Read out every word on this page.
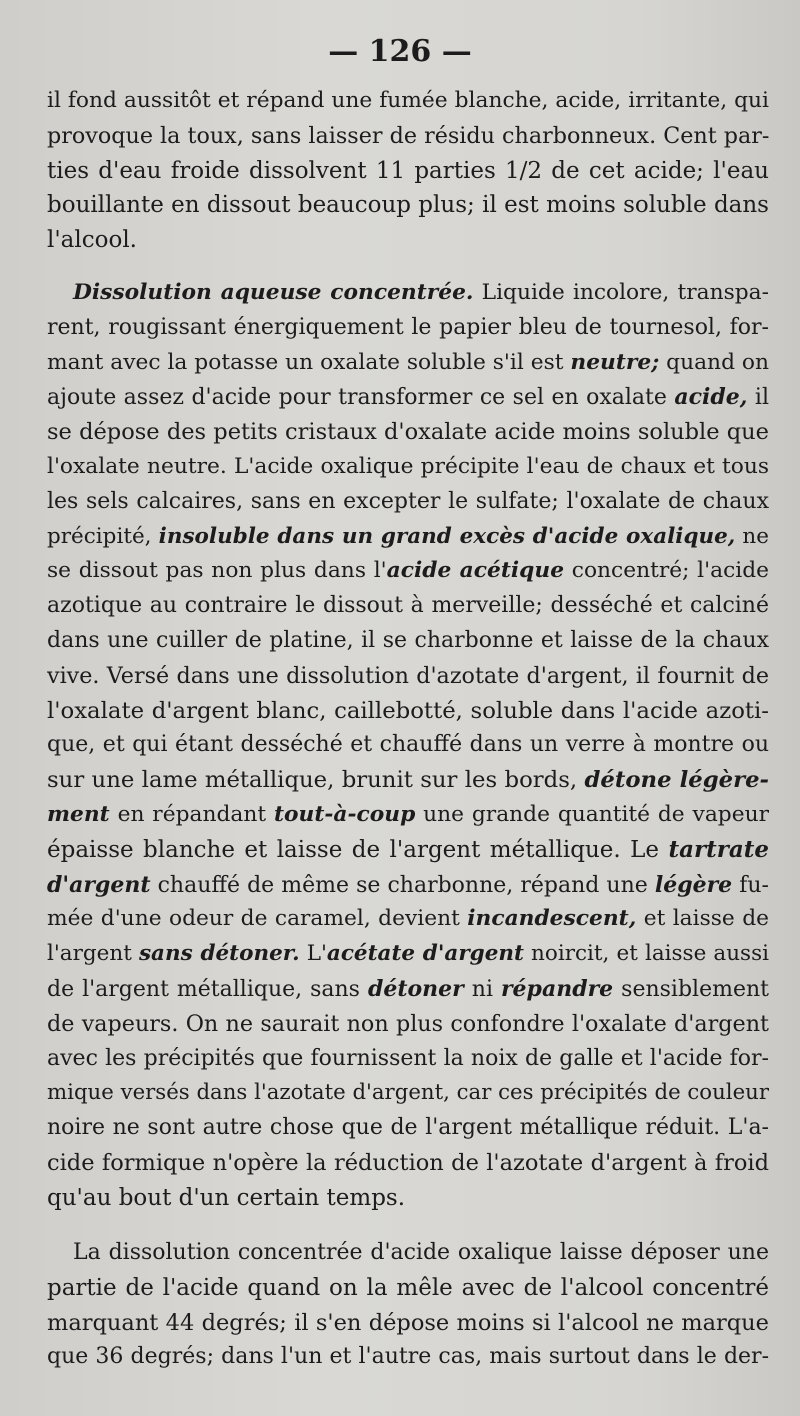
— 126 —
il fond aussitôt et répand une fumée blanche, acide, irritante, qui
provoque la toux, sans laisser de résidu charbonneux. Cent par-
ties d'eau froide dissolvent 11 parties 1/2 de cet acide; l'eau
bouillante en dissout beaucoup plus; il est moins soluble dans
l'alcool.
Dissolution aqueuse concentrée. Liquide incolore, transpa-
rent, rougissant énergiquement le papier bleu de tournesol, for-
mant avec la potasse un oxalate soluble s'il est neutre; quand on
ajoute assez d'acide pour transformer ce sel en oxalate acide, il
se dépose des petits cristaux d'oxalate acide moins soluble que
l'oxalate neutre. L'acide oxalique précipite l'eau de chaux et tous
les sels calcaires, sans en excepter le sulfate; l'oxalate de chaux
précipité, insoluble dans un grand excès d'acide oxalique, ne
se dissout pas non plus dans l'acide acétique concentré; l'acide
azotique au contraire le dissout à merveille; desséché et calciné
dans une cuiller de platine, il se charbonne et laisse de la chaux
vive. Versé dans une dissolution d'azotate d'argent, il fournit de
l'oxalate d'argent blanc, caillebotté, soluble dans l'acide azoti-
que, et qui étant desséché et chauffé dans un verre à montre ou
sur une lame métallique, brunit sur les bords, détone légère-
ment en répandant tout-à-coup une grande quantité de vapeur
épaisse blanche et laisse de l'argent métallique. Le tartrate
d'argent chauffé de même se charbonne, répand une légère fu-
mée d'une odeur de caramel, devient incandescent, et laisse de
l'argent sans détoner. L'acétate d'argent noircit, et laisse aussi
de l'argent métallique, sans détoner ni répandre sensiblement
de vapeurs. On ne saurait non plus confondre l'oxalate d'argent
avec les précipités que fournissent la noix de galle et l'acide for-
mique versés dans l'azotate d'argent, car ces précipités de couleur
noire ne sont autre chose que de l'argent métallique réduit. L'a-
cide formique n'opère la réduction de l'azotate d'argent à froid
qu'au bout d'un certain temps.
La dissolution concentrée d'acide oxalique laisse déposer une
partie de l'acide quand on la mêle avec de l'alcool concentré
marquant 44 degrés; il s'en dépose moins si l'alcool ne marque
que 36 degrés; dans l'un et l'autre cas, mais surtout dans le der-
